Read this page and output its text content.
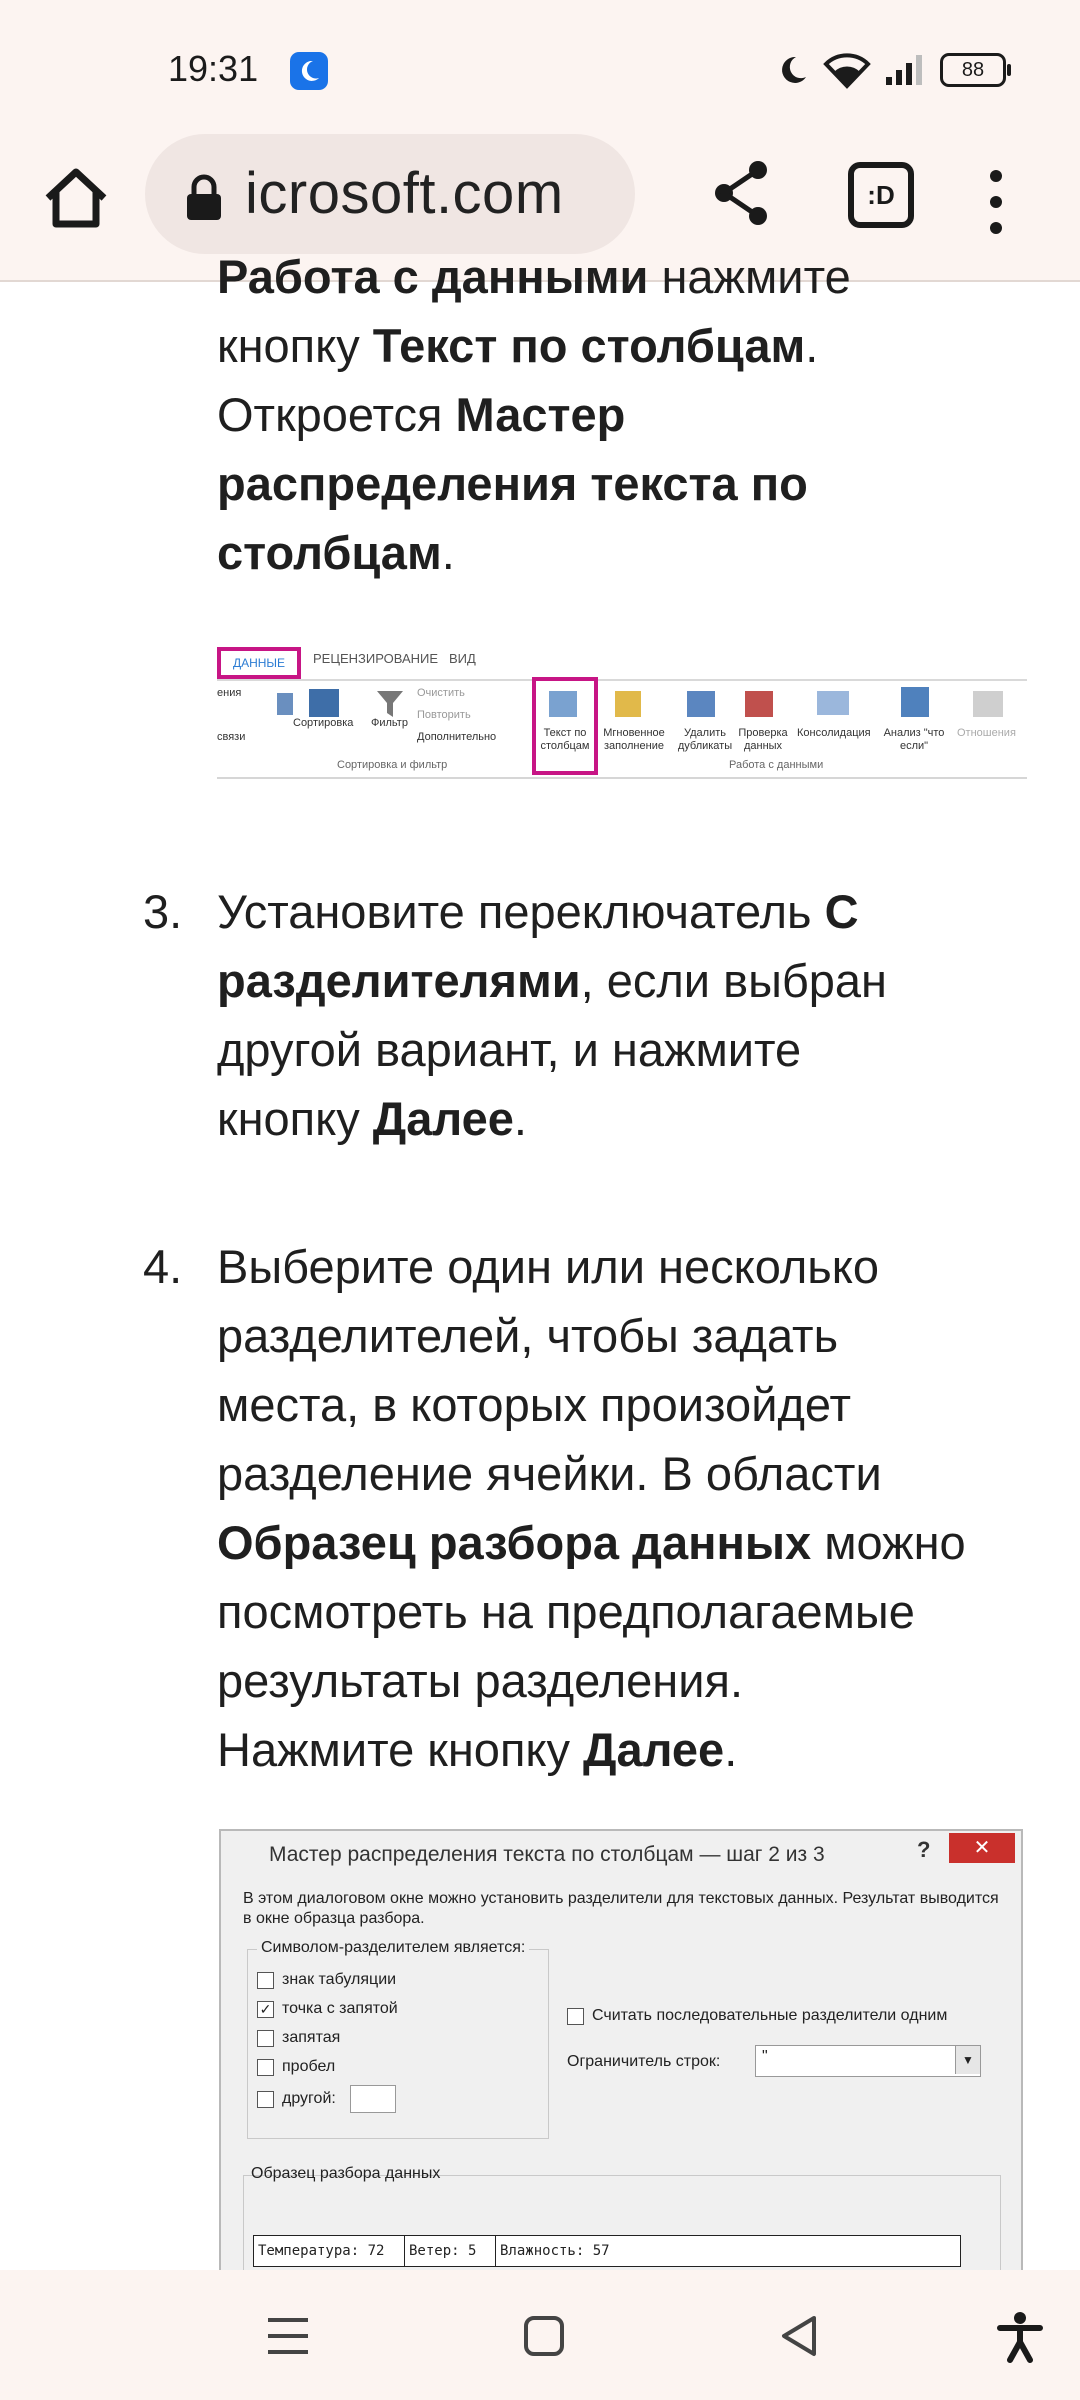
19:31	88
icrosoft.com	:D
Работа с данными нажмите
кнопку Текст по столбцам.
Откроется Мастер
распределения текста по
столбцам.
ДАННЫЕ	РЕЦЕНЗИРОВАНИЕ ВИД
ения
связи
Сортировка Фильтр
Очистить
Повторить
Дополнительно
Сортировка и фильтр
Текст по столбцам
Мгновенное заполнение
Удалить дубликаты
Проверка данных
Консолидация	Анализ "что если"
Отношения
Работа с данными
3. Установите переключатель С
разделителями, если выбран
другой вариант, и нажмите
кнопку Далее.
4. Выберите один или несколько
разделителей, чтобы задать
места, в которых произойдет
разделение ячейки. В области
Образец разбора данных можно
посмотреть на предполагаемые
результаты разделения.
Нажмите кнопку Далее.
Мастер распределения текста по столбцам — шаг 2 из 3	?	✕
В этом диалоговом окне можно установить разделители для текстовых данных. Результат выводится в окне образца разбора.
Символом-разделителем является:
знак табуляции
✓ точка с запятой
запятая
пробел
другой:
Считать последовательные разделители одним
Ограничитель строк:	"	▼
Образец разбора данных
Температура: 72	Ветер: 5	Влажность: 57
